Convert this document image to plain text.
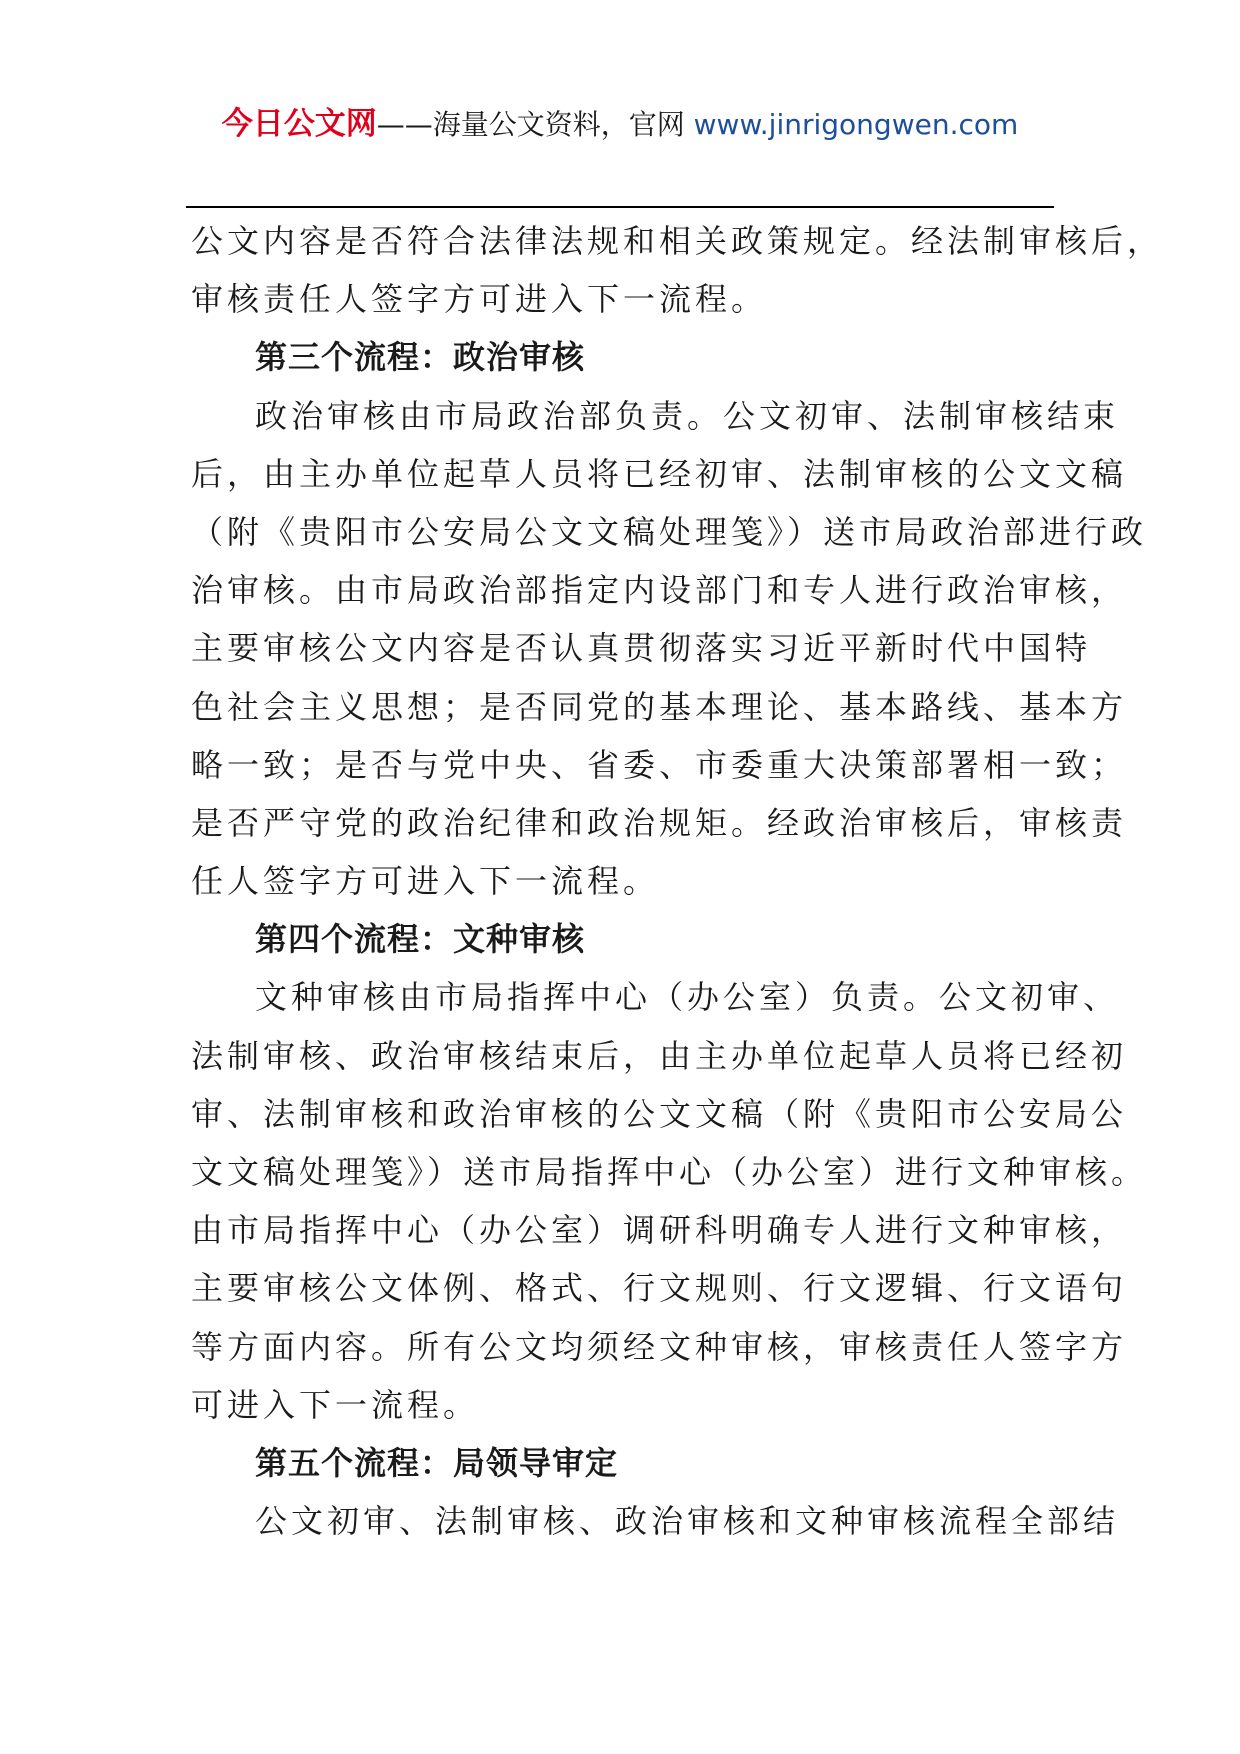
今日公文网——海量公文资料，官网 www.jinrigongwen.com
公文内容是否符合法律法规和相关政策规定。经法制审核后，
审核责任人签字方可进入下一流程。
第三个流程：政治审核
政治审核由市局政治部负责。公文初审、法制审核结束
后，由主办单位起草人员将已经初审、法制审核的公文文稿
（附《贵阳市公安局公文文稿处理笺》）送市局政治部进行政
治审核。由市局政治部指定内设部门和专人进行政治审核，
主要审核公文内容是否认真贯彻落实习近平新时代中国特
色社会主义思想；是否同党的基本理论、基本路线、基本方
略一致；是否与党中央、省委、市委重大决策部署相一致；
是否严守党的政治纪律和政治规矩。经政治审核后，审核责
任人签字方可进入下一流程。
第四个流程：文种审核
文种审核由市局指挥中心（办公室）负责。公文初审、
法制审核、政治审核结束后，由主办单位起草人员将已经初
审、法制审核和政治审核的公文文稿（附《贵阳市公安局公
文文稿处理笺》）送市局指挥中心（办公室）进行文种审核。
由市局指挥中心（办公室）调研科明确专人进行文种审核，
主要审核公文体例、格式、行文规则、行文逻辑、行文语句
等方面内容。所有公文均须经文种审核，审核责任人签字方
可进入下一流程。
第五个流程：局领导审定
公文初审、法制审核、政治审核和文种审核流程全部结
